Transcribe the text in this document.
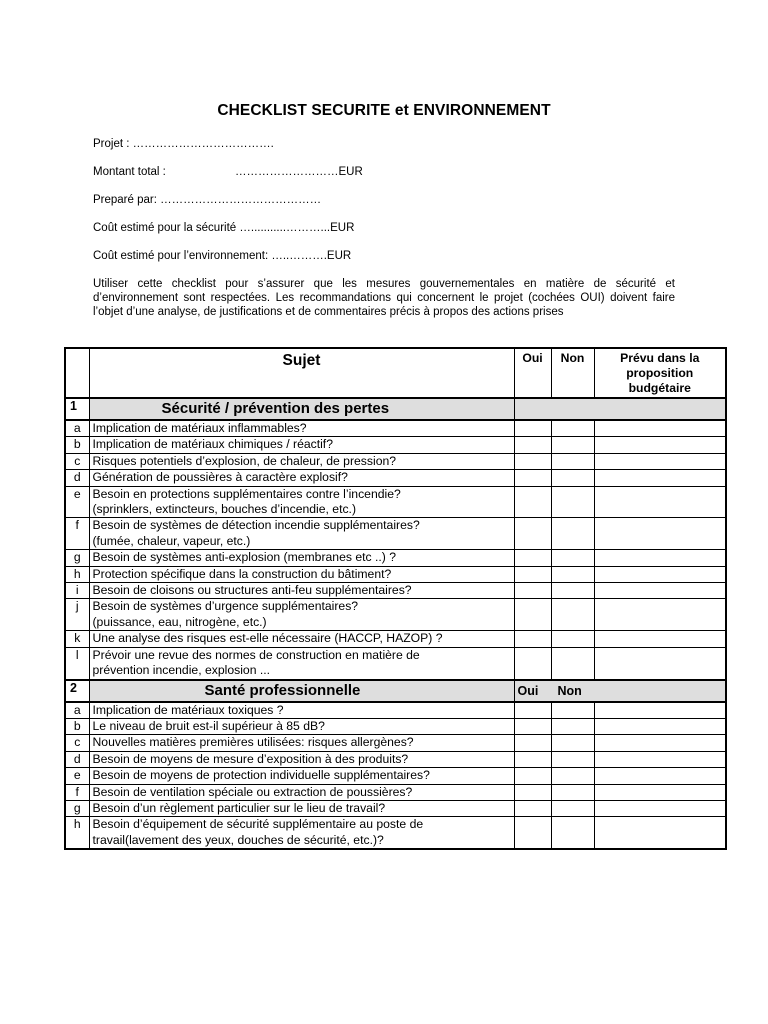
CHECKLIST SECURITE et ENVIRONNEMENT
Projet : ……………………………….
Montant total :	………………………EUR
Preparé par: ……………………………………
Coût estimé pour la sécurité …...........………...EUR
Coût estimé pour l’environnement: …..……….EUR
Utiliser cette checklist pour s’assurer que les mesures gouvernementales en matière de sécurité et d’environnement sont respectées. Les recommandations qui concernent le projet (cochées OUI) doivent faire l’objet d’une analyse, de justifications et de commentaires précis à propos des actions prises
	Sujet	Oui	Non	Prévu dans la proposition budgétaire
1	Sécurité / prévention des pertes			
a	Implication de matériaux inflammables?			
b	Implication de matériaux chimiques / réactif?			
c	Risques potentiels d’explosion, de chaleur, de pression?			
d	Génération de poussières à caractère explosif?			
e	Besoin en protections supplémentaires contre l’incendie?
(sprinklers, extincteurs, bouches d’incendie, etc.)			
f	Besoin de systèmes de détection incendie supplémentaires?
(fumée, chaleur, vapeur, etc.)			
g	Besoin de systèmes anti-explosion (membranes etc ..) ?			
h	Protection spécifique dans la construction du bâtiment?			
i	Besoin de cloisons ou structures anti-feu supplémentaires?			
j	Besoin de systèmes d’urgence supplémentaires?
(puissance, eau, nitrogène, etc.)			
k	Une analyse des risques est-elle nécessaire (HACCP, HAZOP) ?			
l	Prévoir une revue des normes de construction en matière de
prévention incendie, explosion ...			
2	Santé professionnelle	Oui Non		
a	Implication de matériaux toxiques ?			
b	Le niveau de bruit est-il supérieur à 85 dB?			
c	Nouvelles matières premières utilisées: risques allergènes?			
d	Besoin de moyens de mesure d’exposition à des produits?			
e	Besoin de moyens de protection individuelle supplémentaires?			
f	Besoin de ventilation spéciale ou extraction de poussières?			
g	Besoin d’un règlement particulier sur le lieu de travail?			
h	Besoin d’équipement de sécurité supplémentaire au poste de
travail(lavement des yeux, douches de sécurité, etc.)?			
